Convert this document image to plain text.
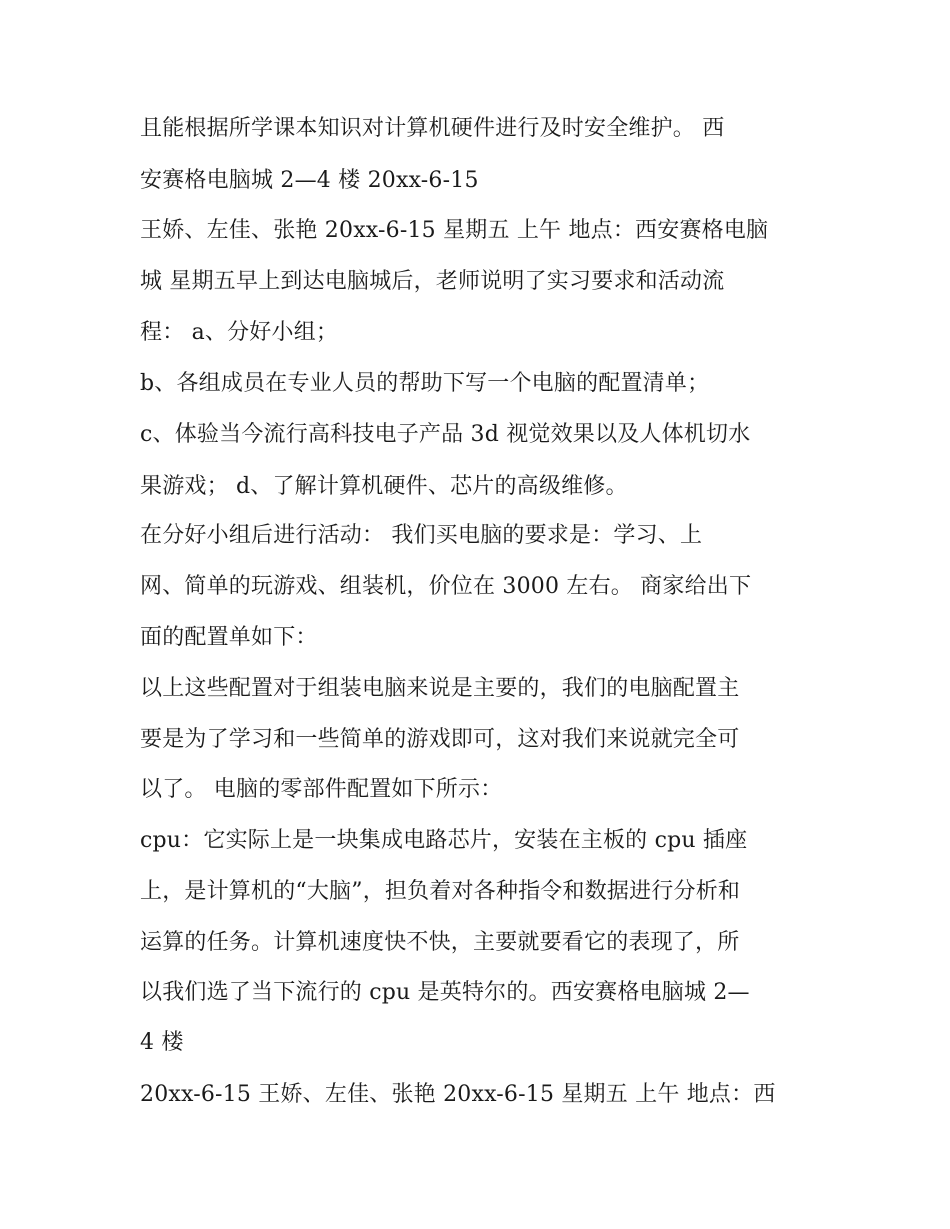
且能根据所学课本知识对计算机硬件进行及时安全维护。 西
安赛格电脑城 2—4 楼 20xx-6-15
王娇、左佳、张艳 20xx-6-15 星期五 上午 地点：西安赛格电脑
城 星期五早上到达电脑城后，老师说明了实习要求和活动流
程： a、分好小组；
b、各组成员在专业人员的帮助下写一个电脑的配置清单；
c、体验当今流行高科技电子产品 3d 视觉效果以及人体机切水
果游戏； d、了解计算机硬件、芯片的高级维修。
在分好小组后进行活动： 我们买电脑的要求是：学习、上
网、简单的玩游戏、组装机，价位在 3000 左右。 商家给出下
面的配置单如下：
以上这些配置对于组装电脑来说是主要的，我们的电脑配置主
要是为了学习和一些简单的游戏即可，这对我们来说就完全可
以了。 电脑的零部件配置如下所示：
cpu：它实际上是一块集成电路芯片，安装在主板的 cpu 插座
上，是计算机的“大脑”，担负着对各种指令和数据进行分析和
运算的任务。计算机速度快不快，主要就要看它的表现了，所
以我们选了当下流行的 cpu 是英特尔的。西安赛格电脑城 2—
4 楼
20xx-6-15 王娇、左佳、张艳 20xx-6-15 星期五 上午 地点：西
